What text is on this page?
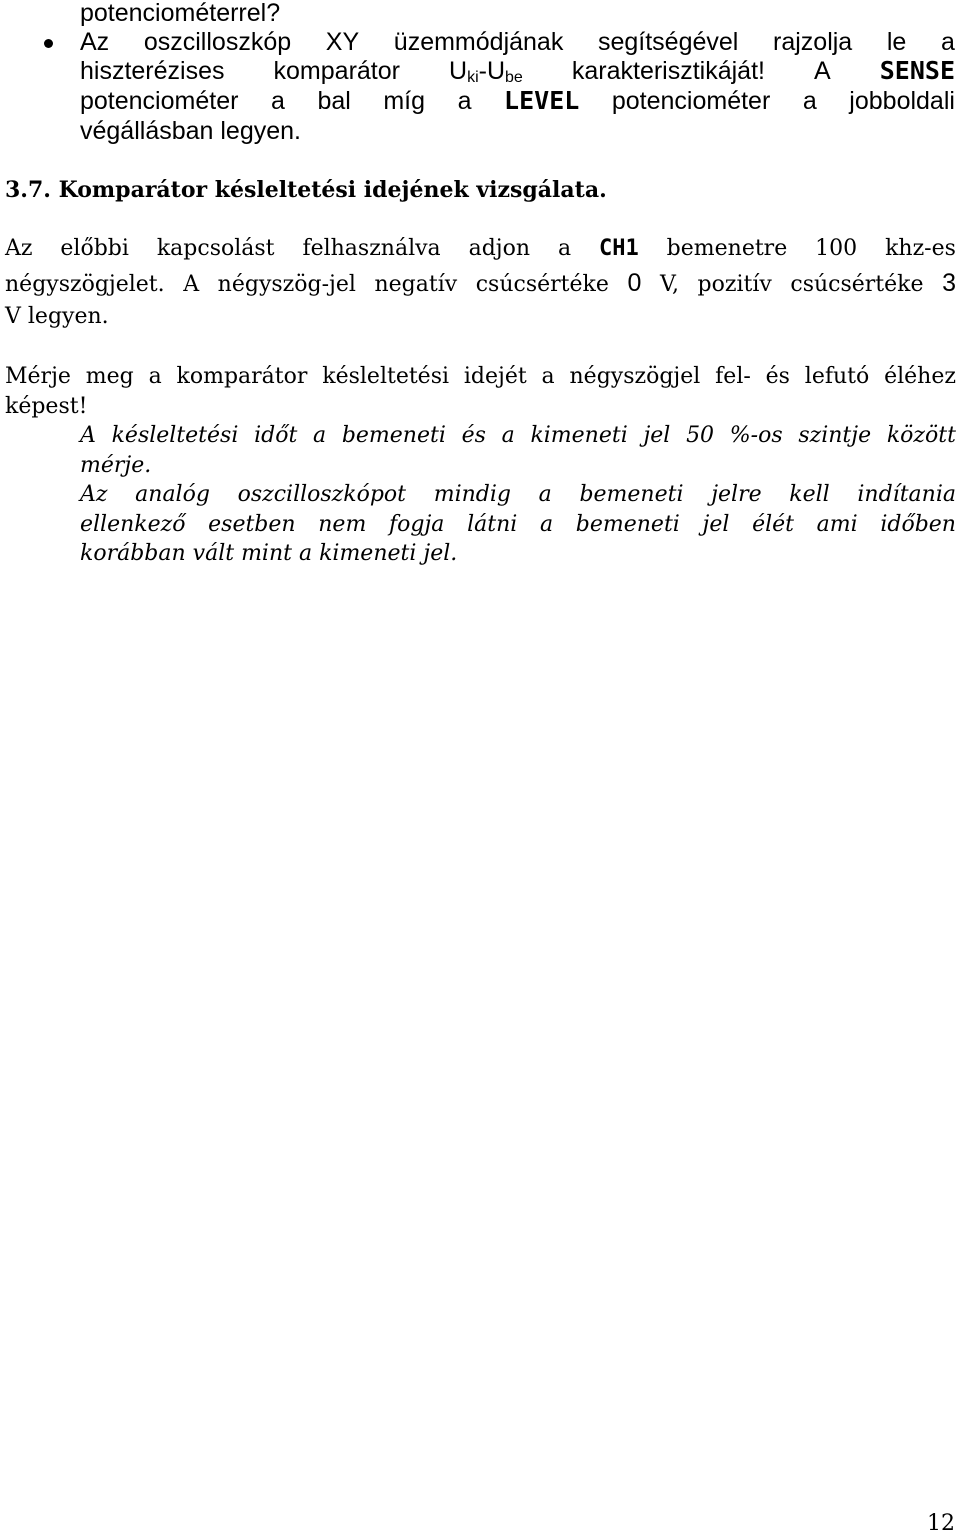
potenciométerrel?
Az oszcilloszkóp XY üzemmódjának segítségével rajzolja le a
hiszterézises komparátor Uki-Ube karakterisztikáját! A SENSE
potenciométer a bal míg a LEVEL potenciométer a jobboldali
végállásban legyen.
3.7. Komparátor késleltetési idejének vizsgálata.
Az előbbi kapcsolást felhasználva adjon a CH1 bemenetre 100 khz-es
négyszögjelet. A négyszög-jel negatív csúcsértéke 0 V, pozitív csúcsértéke 3
V legyen.
Mérje meg a komparátor késleltetési idejét a négyszögjel fel- és lefutó éléhez
képest!
A késleltetési időt a bemeneti és a kimeneti jel 50 %-os szintje között
mérje.
Az analóg oszcilloszkópot mindig a bemeneti jelre kell indítania
ellenkező esetben nem fogja látni a bemeneti jel élét ami időben
korábban vált mint a kimeneti jel.
12
